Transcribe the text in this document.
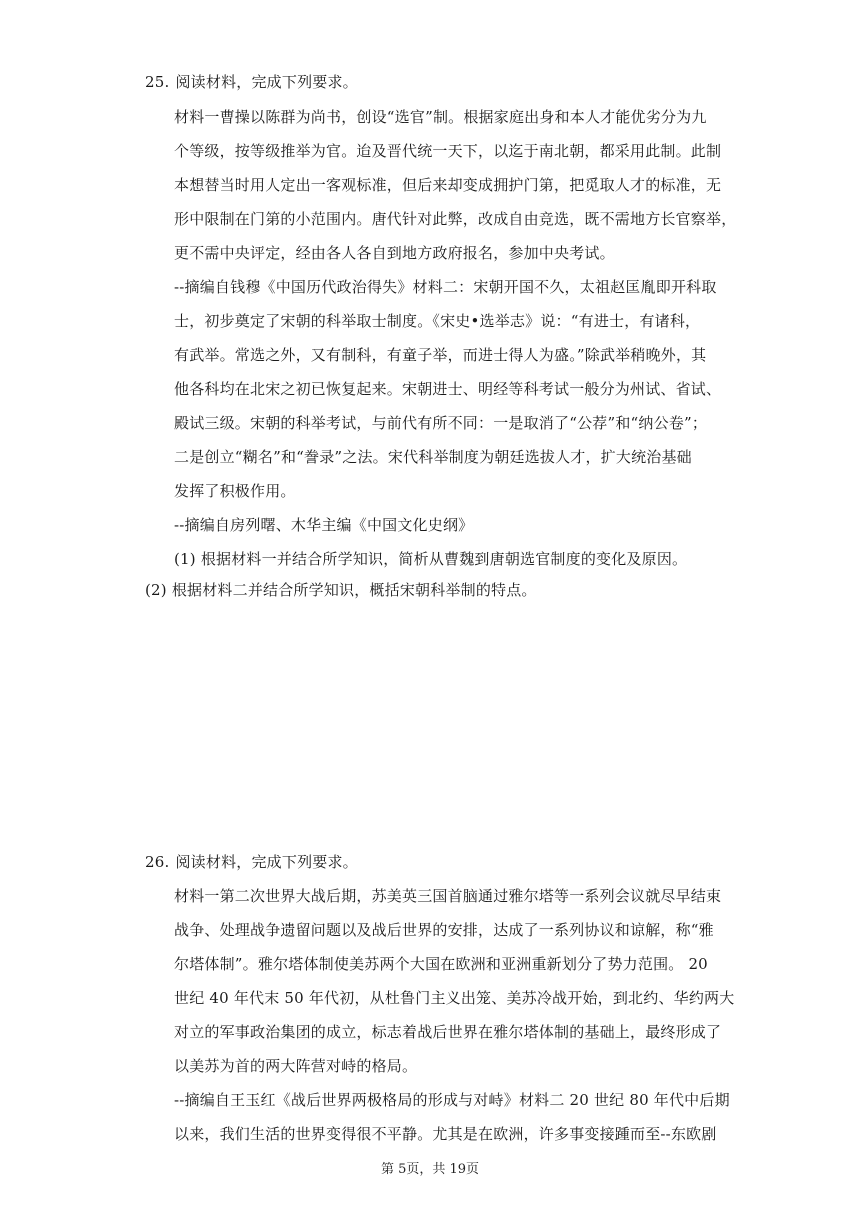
25. 阅读材料，完成下列要求。
材料一曹操以陈群为尚书，创设“选官”制。根据家庭出身和本人才能优劣分为九
个等级，按等级推举为官。迨及晋代统一天下，以迄于南北朝，都采用此制。此制
本想替当时用人定出一客观标准，但后来却变成拥护门第，把觅取人才的标准，无
形中限制在门第的小范围内。唐代针对此弊，改成自由竞选，既不需地方长官察举，
更不需中央评定，经由各人各自到地方政府报名，参加中央考试。
--摘编自钱穆《中国历代政治得失》材料二：宋朝开国不久，太祖赵匡胤即开科取
士，初步奠定了宋朝的科举取士制度。《宋史•选举志》说：“有进士，有诸科，
有武举。常选之外，又有制科，有童子举，而进士得人为盛。”除武举稍晚外，其
他各科均在北宋之初已恢复起来。宋朝进士、明经等科考试一般分为州试、省试、
殿试三级。宋朝的科举考试，与前代有所不同：一是取消了“公荐”和“纳公卷”；
二是创立“糊名”和“誊录”之法。宋代科举制度为朝廷选拔人才，扩大统治基础
发挥了积极作用。
--摘编自房列曙、木华主编《中国文化史纲》
(1) 根据材料一并结合所学知识，简析从曹魏到唐朝选官制度的变化及原因。
(2) 根据材料二并结合所学知识，概括宋朝科举制的特点。
26. 阅读材料，完成下列要求。
材料一第二次世界大战后期，苏美英三国首脑通过雅尔塔等一系列会议就尽早结束
战争、处理战争遗留问题以及战后世界的安排，达成了一系列协议和谅解，称“雅
尔塔体制”。雅尔塔体制使美苏两个大国在欧洲和亚洲重新划分了势力范围。 20
世纪 40 年代末 50 年代初，从杜鲁门主义出笼、美苏冷战开始，到北约、华约两大
对立的军事政治集团的成立，标志着战后世界在雅尔塔体制的基础上，最终形成了
以美苏为首的两大阵营对峙的格局。
--摘编自王玉红《战后世界两极格局的形成与对峙》材料二 20 世纪 80 年代中后期
以来，我们生活的世界变得很不平静。尤其是在欧洲，许多事变接踵而至--东欧剧
第 5页，共 19页
